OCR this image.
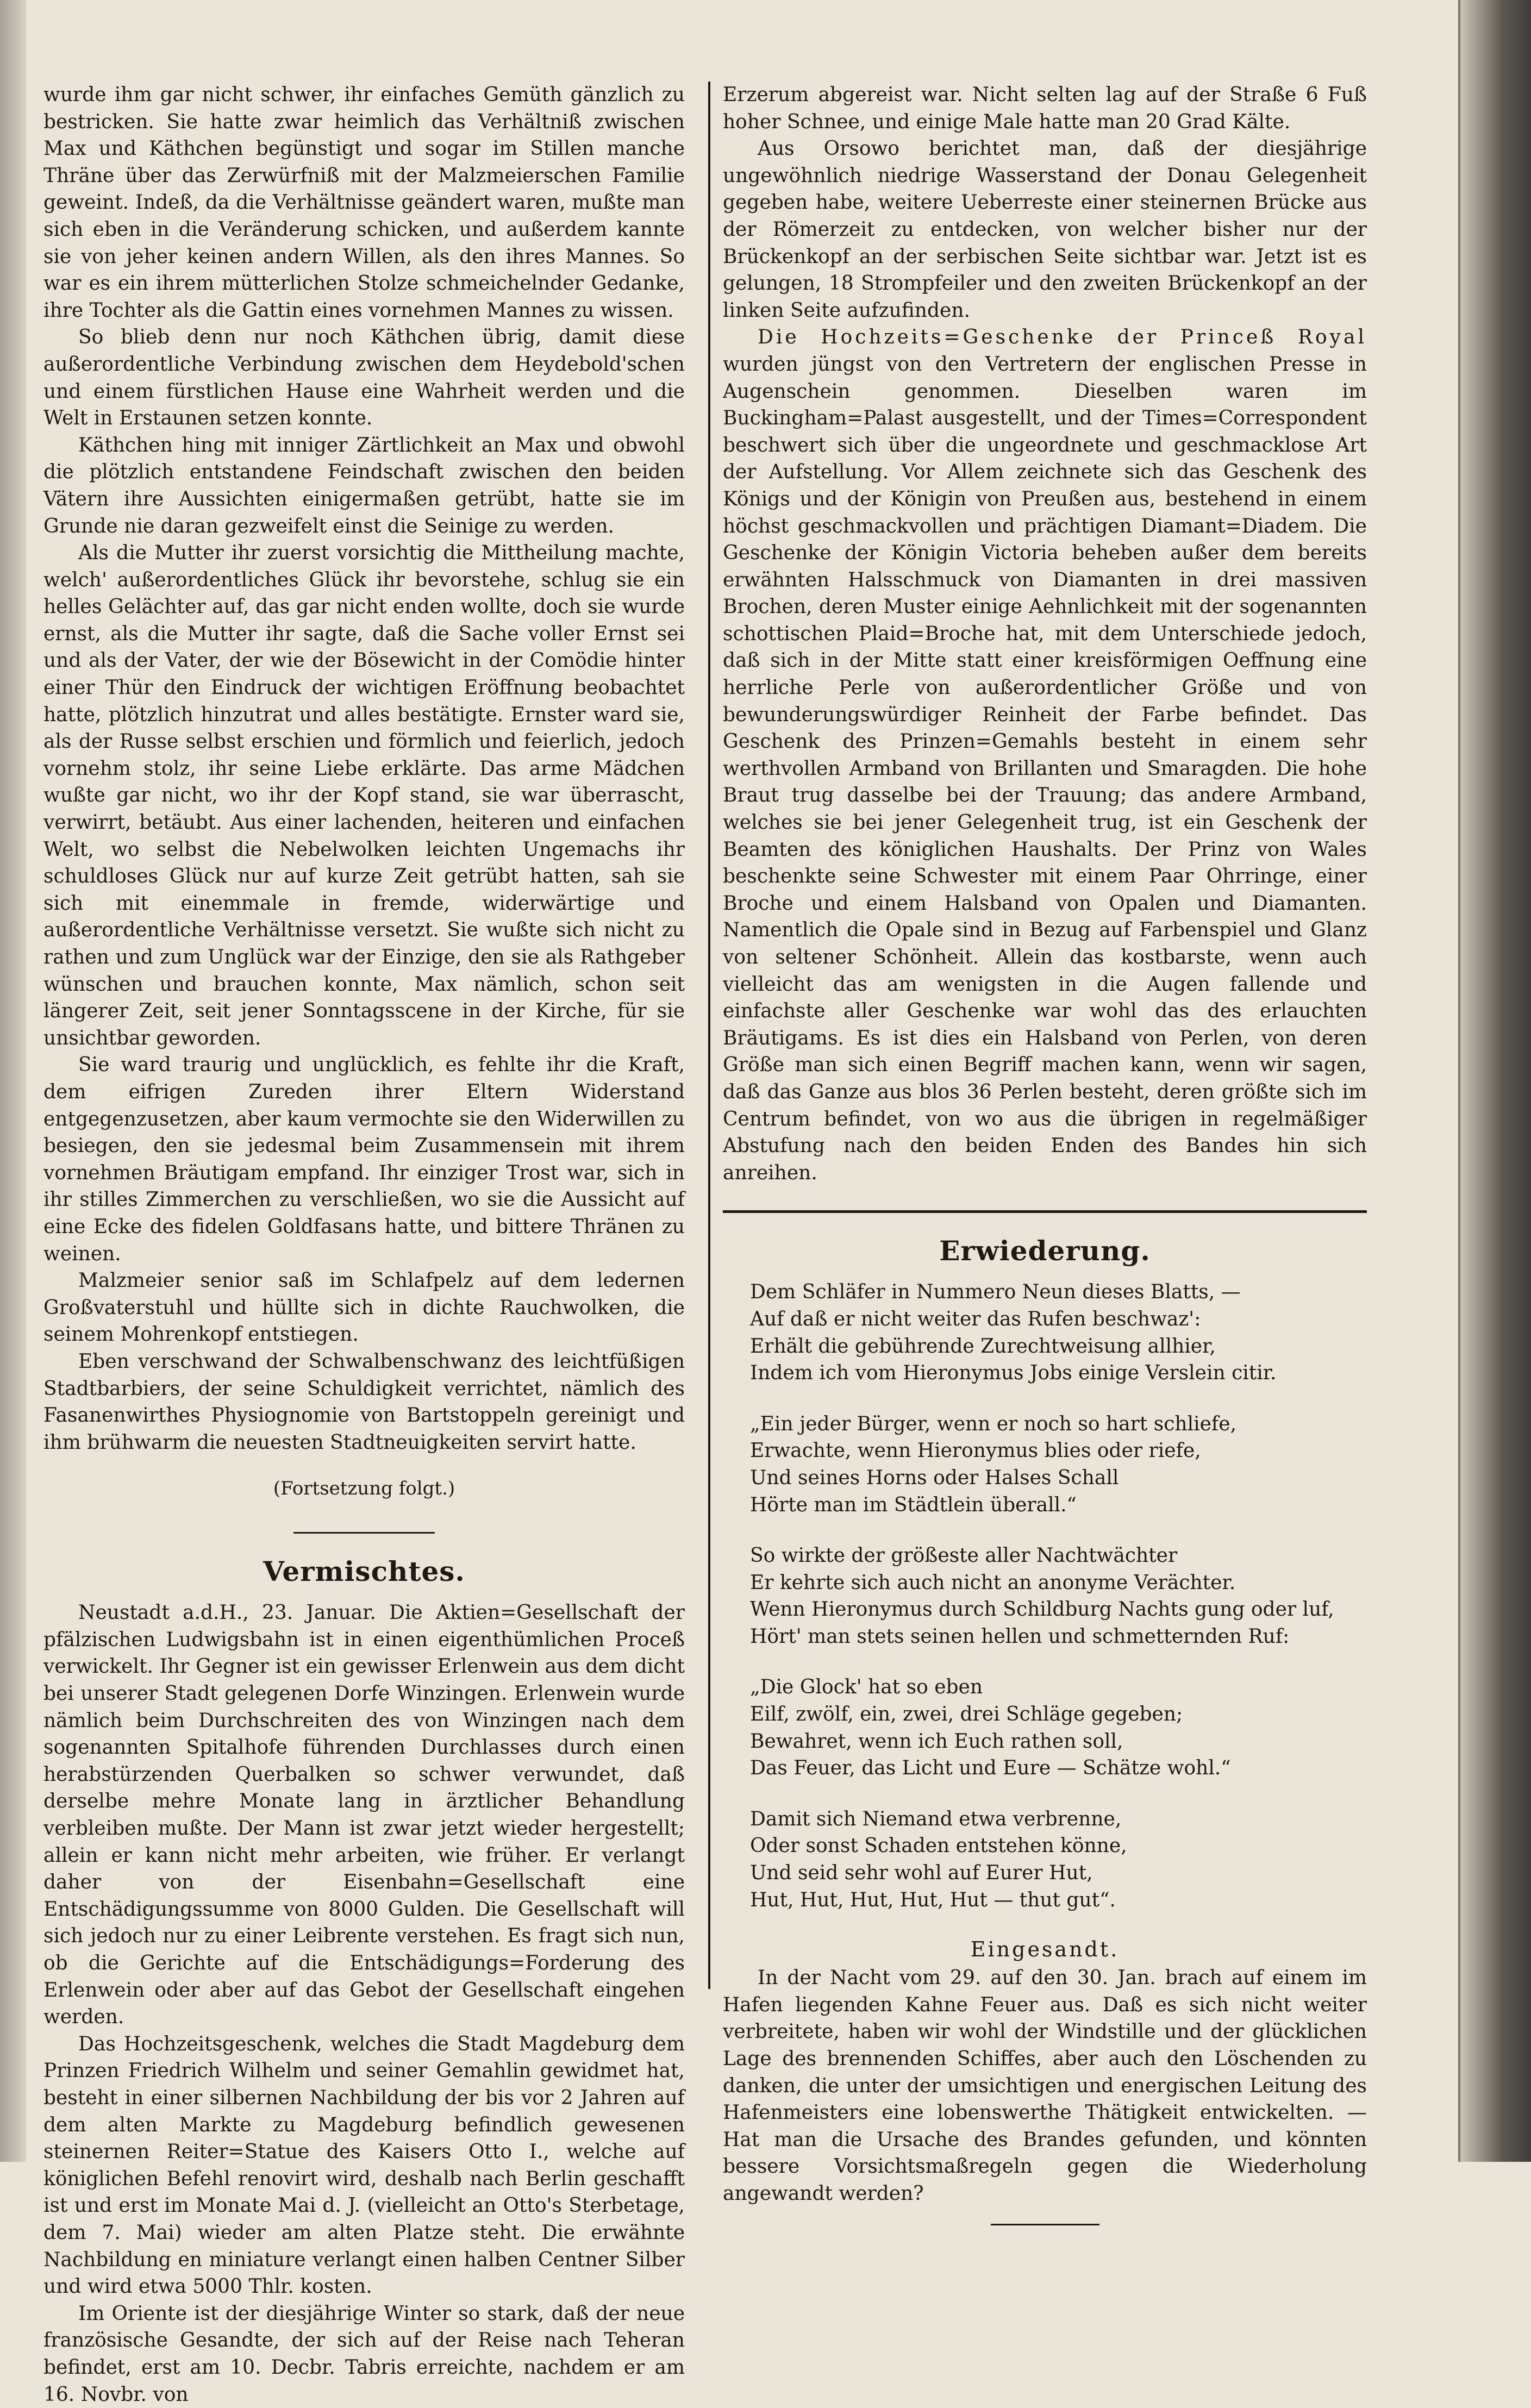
wurde ihm gar nicht schwer, ihr einfaches Gemüth gänzlich zu bestricken. Sie hatte zwar heimlich das Verhältniß zwischen Max und Käthchen begünstigt und sogar im Stillen manche Thräne über das Zerwürfniß mit der Malzmeierschen Familie geweint. Indeß, da die Verhältnisse geändert waren, mußte man sich eben in die Veränderung schicken, und außerdem kannte sie von jeher keinen andern Willen, als den ihres Mannes. So war es ein ihrem mütterlichen Stolze schmeichelnder Gedanke, ihre Tochter als die Gattin eines vornehmen Mannes zu wissen.

So blieb denn nur noch Käthchen übrig, damit diese außerordentliche Verbindung zwischen dem Heydebold'schen und einem fürstlichen Hause eine Wahrheit werden und die Welt in Erstaunen setzen konnte.

Käthchen hing mit inniger Zärtlichkeit an Max und obwohl die plötzlich entstandene Feindschaft zwischen den beiden Vätern ihre Aussichten einigermaßen getrübt, hatte sie im Grunde nie daran gezweifelt einst die Seinige zu werden.

Als die Mutter ihr zuerst vorsichtig die Mittheilung machte, welch' außerordentliches Glück ihr bevorstehe, schlug sie ein helles Gelächter auf, das gar nicht enden wollte, doch sie wurde ernst, als die Mutter ihr sagte, daß die Sache voller Ernst sei und als der Vater, der wie der Bösewicht in der Comödie hinter einer Thür den Eindruck der wichtigen Eröffnung beobachtet hatte, plötzlich hinzutrat und alles bestätigte. Ernster ward sie, als der Russe selbst erschien und förmlich und feierlich, jedoch vornehm stolz, ihr seine Liebe erklärte. Das arme Mädchen wußte gar nicht, wo ihr der Kopf stand, sie war überrascht, verwirrt, betäubt. Aus einer lachenden, heiteren und einfachen Welt, wo selbst die Nebelwolken leichten Ungemachs ihr schuldloses Glück nur auf kurze Zeit getrübt hatten, sah sie sich mit einemmale in fremde, widerwärtige und außerordentliche Verhältnisse versetzt. Sie wußte sich nicht zu rathen und zum Unglück war der Einzige, den sie als Rathgeber wünschen und brauchen konnte, Max nämlich, schon seit längerer Zeit, seit jener Sonntagsscene in der Kirche, für sie unsichtbar geworden.

Sie ward traurig und unglücklich, es fehlte ihr die Kraft, dem eifrigen Zureden ihrer Eltern Widerstand entgegenzusetzen, aber kaum vermochte sie den Widerwillen zu besiegen, den sie jedesmal beim Zusammensein mit ihrem vornehmen Bräutigam empfand. Ihr einziger Trost war, sich in ihr stilles Zimmerchen zu verschließen, wo sie die Aussicht auf eine Ecke des fidelen Goldfasans hatte, und bittere Thränen zu weinen.

Malzmeier senior saß im Schlafpelz auf dem ledernen Großvaterstuhl und hüllte sich in dichte Rauchwolken, die seinem Mohrenkopf entstiegen.

Eben verschwand der Schwalbenschwanz des leichtfüßigen Stadtbarbiers, der seine Schuldigkeit verrichtet, nämlich des Fasanenwirthes Physiognomie von Bartstoppeln gereinigt und ihm brühwarm die neuesten Stadtneuigkeiten servirt hatte.

(Fortsetzung folgt.)
Vermischtes.

Neustadt a.d.H., 23. Januar. Die Aktien=Gesellschaft der pfälzischen Ludwigsbahn ist in einen eigenthümlichen Proceß verwickelt. Ihr Gegner ist ein gewisser Erlenwein aus dem dicht bei unserer Stadt gelegenen Dorfe Winzingen. Erlenwein wurde nämlich beim Durchschreiten des von Winzingen nach dem sogenannten Spitalhofe führenden Durchlasses durch einen herabstürzenden Querbalken so schwer verwundet, daß derselbe mehre Monate lang in ärztlicher Behandlung verbleiben mußte. Der Mann ist zwar jetzt wieder hergestellt; allein er kann nicht mehr arbeiten, wie früher. Er verlangt daher von der Eisenbahn=Gesellschaft eine Entschädigungssumme von 8000 Gulden. Die Gesellschaft will sich jedoch nur zu einer Leibrente verstehen. Es fragt sich nun, ob die Gerichte auf die Entschädigungs=Forderung des Erlenwein oder aber auf das Gebot der Gesellschaft eingehen werden.

Das Hochzeitsgeschenk, welches die Stadt Magdeburg dem Prinzen Friedrich Wilhelm und seiner Gemahlin gewidmet hat, besteht in einer silbernen Nachbildung der bis vor 2 Jahren auf dem alten Markte zu Magdeburg befindlich gewesenen steinernen Reiter=Statue des Kaisers Otto I., welche auf königlichen Befehl renovirt wird, deshalb nach Berlin geschafft ist und erst im Monate Mai d. J. (vielleicht an Otto's Sterbetage, dem 7. Mai) wieder am alten Platze steht. Die erwähnte Nachbildung en miniature verlangt einen halben Centner Silber und wird etwa 5000 Thlr. kosten.

Im Oriente ist der diesjährige Winter so stark, daß der neue französische Gesandte, der sich auf der Reise nach Teheran befindet, erst am 10. Decbr. Tabris erreichte, nachdem er am 16. Novbr. von

Erzerum abgereist war. Nicht selten lag auf der Straße 6 Fuß hoher Schnee, und einige Male hatte man 20 Grad Kälte.

Aus Orsowo berichtet man, daß der diesjährige ungewöhnlich niedrige Wasserstand der Donau Gelegenheit gegeben habe, weitere Ueberreste einer steinernen Brücke aus der Römerzeit zu entdecken, von welcher bisher nur der Brückenkopf an der serbischen Seite sichtbar war. Jetzt ist es gelungen, 18 Strompfeiler und den zweiten Brückenkopf an der linken Seite aufzufinden.

Die Hochzeits=Geschenke der Princeß Royal wurden jüngst von den Vertretern der englischen Presse in Augenschein genommen. Dieselben waren im Buckingham=Palast ausgestellt, und der Times=Correspondent beschwert sich über die ungeordnete und geschmacklose Art der Aufstellung. Vor Allem zeichnete sich das Geschenk des Königs und der Königin von Preußen aus, bestehend in einem höchst geschmackvollen und prächtigen Diamant=Diadem. Die Geschenke der Königin Victoria beheben außer dem bereits erwähnten Halsschmuck von Diamanten in drei massiven Brochen, deren Muster einige Aehnlichkeit mit der sogenannten schottischen Plaid=Broche hat, mit dem Unterschiede jedoch, daß sich in der Mitte statt einer kreisförmigen Oeffnung eine herrliche Perle von außerordentlicher Größe und von bewunderungswürdiger Reinheit der Farbe befindet. Das Geschenk des Prinzen=Gemahls besteht in einem sehr werthvollen Armband von Brillanten und Smaragden. Die hohe Braut trug dasselbe bei der Trauung; das andere Armband, welches sie bei jener Gelegenheit trug, ist ein Geschenk der Beamten des königlichen Haushalts. Der Prinz von Wales beschenkte seine Schwester mit einem Paar Ohrringe, einer Broche und einem Halsband von Opalen und Diamanten. Namentlich die Opale sind in Bezug auf Farbenspiel und Glanz von seltener Schönheit. Allein das kostbarste, wenn auch vielleicht das am wenigsten in die Augen fallende und einfachste aller Geschenke war wohl das des erlauchten Bräutigams. Es ist dies ein Halsband von Perlen, von deren Größe man sich einen Begriff machen kann, wenn wir sagen, daß das Ganze aus blos 36 Perlen besteht, deren größte sich im Centrum befindet, von wo aus die übrigen in regelmäßiger Abstufung nach den beiden Enden des Bandes hin sich anreihen.

Erwiederung.
Dem Schläfer in Nummero Neun dieses Blatts, —
Auf daß er nicht weiter das Rufen beschwaz':
Erhält die gebührende Zurechtweisung allhier,
Indem ich vom Hieronymus Jobs einige Verslein citir.
„Ein jeder Bürger, wenn er noch so hart schliefe,
Erwachte, wenn Hieronymus blies oder riefe,
Und seines Horns oder Halses Schall
Hörte man im Städtlein überall.“
So wirkte der größeste aller Nachtwächter
Er kehrte sich auch nicht an anonyme Verächter.
Wenn Hieronymus durch Schildburg Nachts gung oder luf,
Hört' man stets seinen hellen und schmetternden Ruf:
„Die Glock' hat so eben
Eilf, zwölf, ein, zwei, drei Schläge gegeben;
Bewahret, wenn ich Euch rathen soll,
Das Feuer, das Licht und Eure — Schätze wohl.“
Damit sich Niemand etwa verbrenne,
Oder sonst Schaden entstehen könne,
Und seid sehr wohl auf Eurer Hut,
Hut, Hut, Hut, Hut, Hut — thut gut“.
Eingesandt.

In der Nacht vom 29. auf den 30. Jan. brach auf einem im Hafen liegenden Kahne Feuer aus. Daß es sich nicht weiter verbreitete, haben wir wohl der Windstille und der glücklichen Lage des brennenden Schiffes, aber auch den Löschenden zu danken, die unter der umsichtigen und energischen Leitung des Hafenmeisters eine lobenswerthe Thätigkeit entwickelten. — Hat man die Ursache des Brandes gefunden, und könnten bessere Vorsichtsmaßregeln gegen die Wiederholung angewandt werden?
